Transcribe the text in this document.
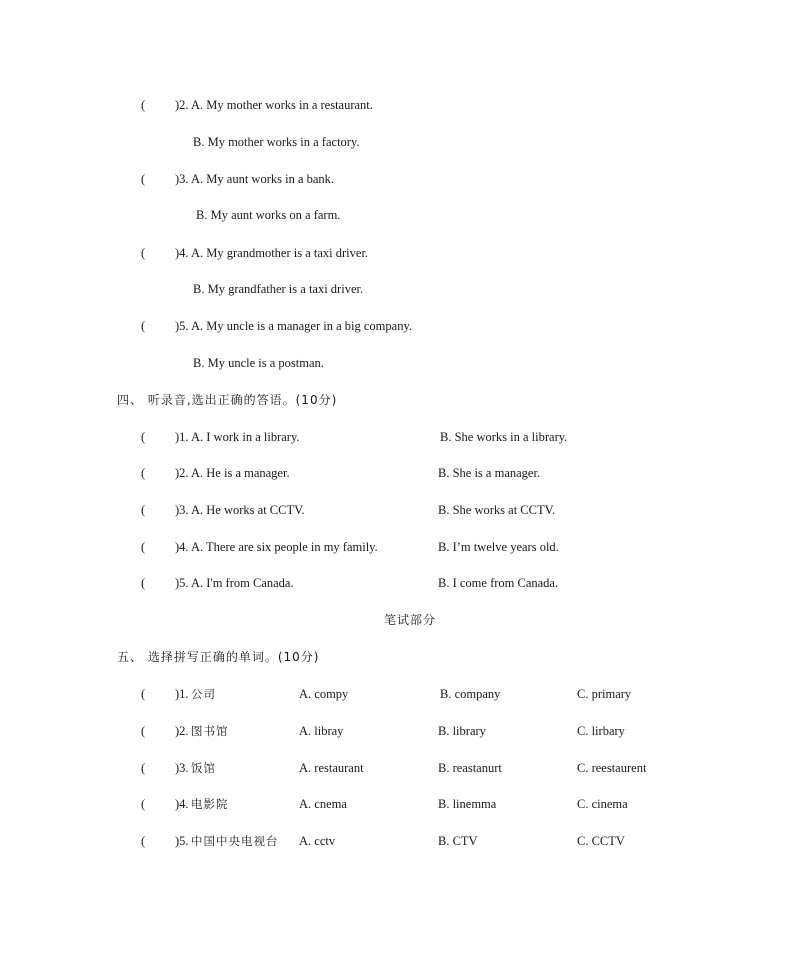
( )2. A. My mother works in a restaurant.
B. My mother works in a factory.
( )3. A. My aunt works in a bank.
B. My aunt works on a farm.
( )4. A. My grandmother is a taxi driver.
B. My grandfather is a taxi driver.
( )5. A. My uncle is a manager in a big company.
B. My uncle is a postman.
四、 听录音,选出正确的答语。(10分)
( )1. A. I work in a library.	B. She works in a library.
( )2. A. He is a manager.	B. She is a manager.
( )3. A. He works at CCTV.	B. She works at CCTV.
( )4. A. There are six people in my family.	B. I’m twelve years old.
( )5. A. I'm from Canada.	B. I come from Canada.
笔试部分
五、 选择拼写正确的单词。(10分)
( )1. 公司	A. compy	B. company	C. primary
( )2. 图书馆	A. libray	B. library	C. lirbary
( )3. 饭馆	A. restaurant	B. reastanurt	C. reestaurent
( )4. 电影院	A. cnema	B. linemma	C. cinema
( )5. 中国中央电视台 A. cctv	B. CTV	C. CCTV
